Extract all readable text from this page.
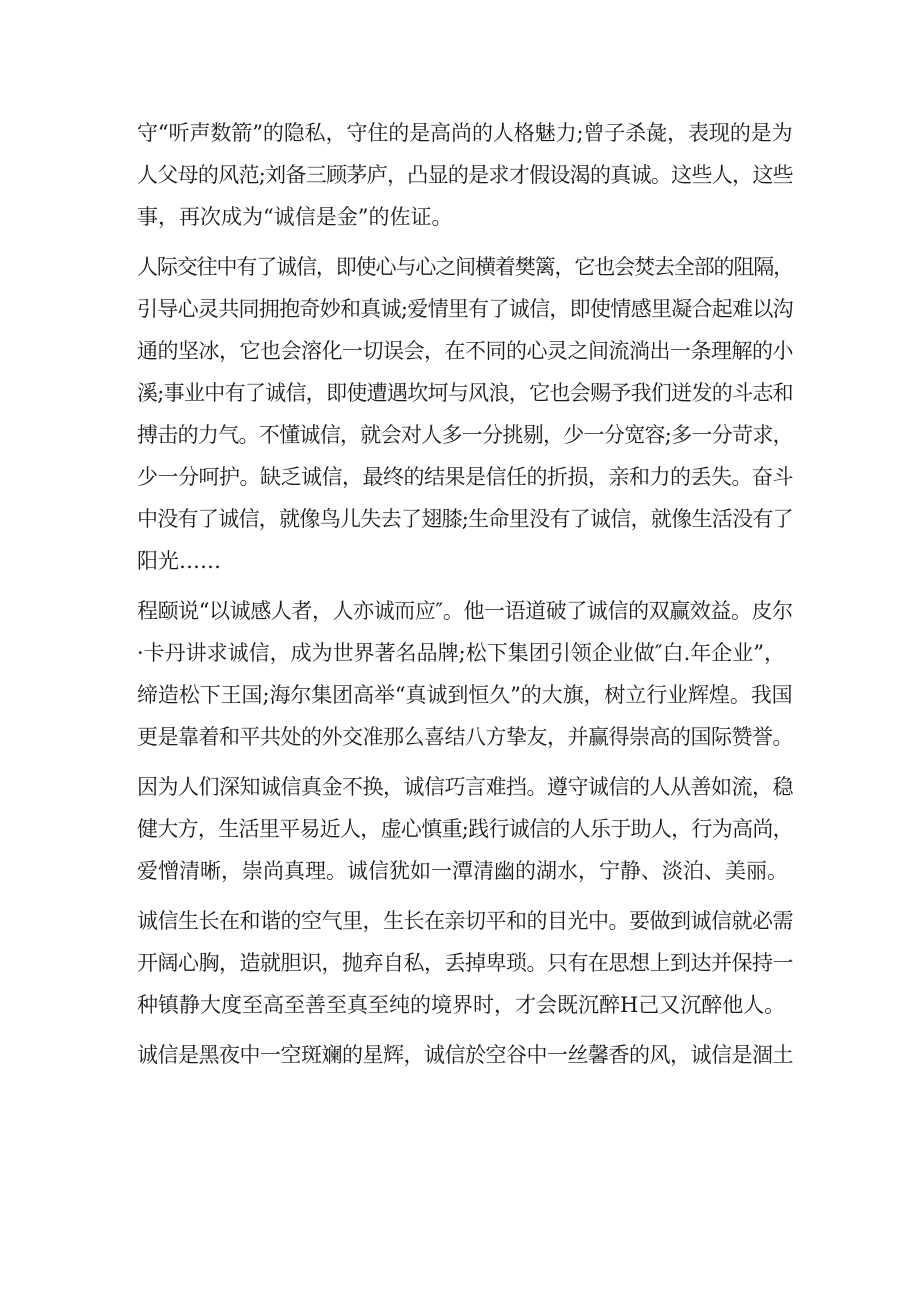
守“听声数箭”的隐私，守住的是高尚的人格魅力;曾子杀彘，表现的是为
人父母的风范;刘备三顾茅庐，凸显的是求才假设渴的真诚。这些人，这些
事，再次成为“诚信是金”的佐证。
人际交往中有了诚信，即使心与心之间横着樊篱，它也会焚去全部的阻隔，
引导心灵共同拥抱奇妙和真诚;爱情里有了诚信，即使情感里凝合起难以沟
通的坚冰，它也会溶化一切误会，在不同的心灵之间流淌出一条理解的小
溪;事业中有了诚信，即使遭遇坎坷与风浪，它也会赐予我们迸发的斗志和
搏击的力气。不懂诚信，就会对人多一分挑剔，少一分宽容;多一分苛求，
少一分呵护。缺乏诚信，最终的结果是信任的折损，亲和力的丢失。奋斗
中没有了诚信，就像鸟儿失去了翅膝;生命里没有了诚信，就像生活没有了
阳光……
程颐说“以诚感人者，人亦诚而应″。他一语道破了诚信的双赢效益。皮尔
·卡丹讲求诚信，成为世界著名品牌;松下集团引领企业做″白.年企业”，
缔造松下王国;海尔集团高举“真诚到恒久”的大旗，树立行业辉煌。我国
更是靠着和平共处的外交准那么喜结八方挚友，并赢得崇高的国际赞誉。
因为人们深知诚信真金不换，诚信巧言难挡。遵守诚信的人从善如流，稳
健大方，生活里平易近人，虚心慎重;践行诚信的人乐于助人，行为高尚，
爱憎清晰，崇尚真理。诚信犹如一潭清幽的湖水，宁静、淡泊、美丽。
诚信生长在和谐的空气里，生长在亲切平和的目光中。要做到诚信就必需
开阔心胸，造就胆识，抛弃自私，丢掉卑琐。只有在思想上到达并保持一
种镇静大度至高至善至真至纯的境界时，才会既沉醉H己又沉醉他人。
诚信是黑夜中一空斑斓的星辉，诚信於空谷中一丝馨香的风，诚信是涸土
